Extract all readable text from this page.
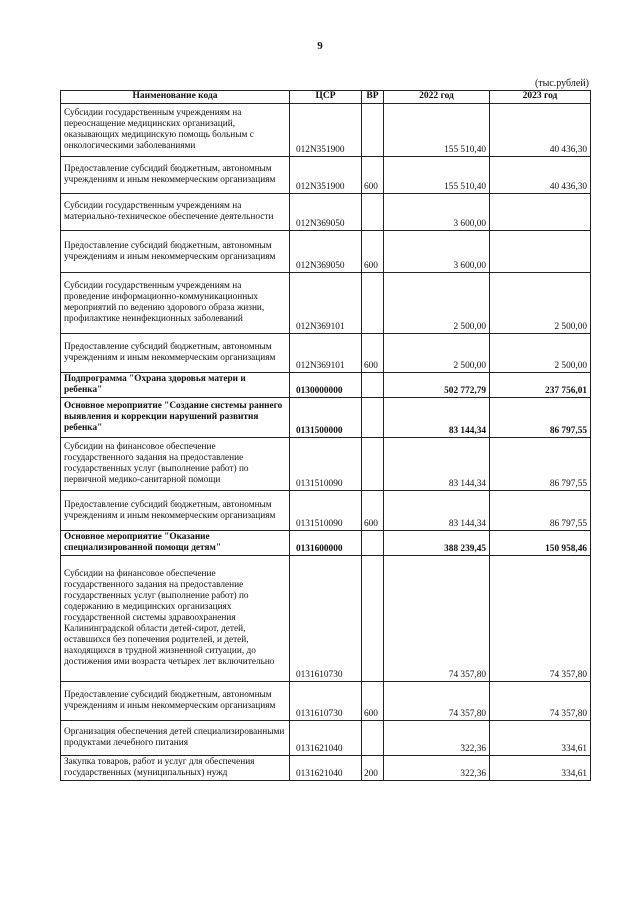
9
(тыс.рублей)
Наименование кода	ЦСР	ВР	2022 год	2023 год
Субсидии государственным учреждениям на переоснащение медицинских организаций, оказывающих медицинскую помощь больным с онкологическими заболеваниями	012N351900		155 510,40	40 436,30
Предоставление субсидий бюджетным, автономным учреждениям и иным некоммерческим организациям	012N351900	600	155 510,40	40 436,30
Субсидии государственным учреждениям на материально-техническое обеспечение деятельности	012N369050		3 600,00	
Предоставление субсидий бюджетным, автономным учреждениям и иным некоммерческим организациям	012N369050	600	3 600,00	
Субсидии государственным учреждениям на проведение информационно-коммуникационных мероприятий по ведению здорового образа жизни, профилактике неинфекционных заболеваний	012N369101		2 500,00	2 500,00
Предоставление субсидий бюджетным, автономным учреждениям и иным некоммерческим организациям	012N369101	600	2 500,00	2 500,00
Подпрограмма "Охрана здоровья матери и ребенка"	0130000000		502 772,79	237 756,01
Основное мероприятие "Создание системы раннего выявления и коррекции нарушений развития ребенка"	0131500000		83 144,34	86 797,55
Субсидии на финансовое обеспечение государственного задания на предоставление государственных услуг (выполнение работ) по первичной медико-санитарной помощи	0131510090		83 144,34	86 797,55
Предоставление субсидий бюджетным, автономным учреждениям и иным некоммерческим организациям	0131510090	600	83 144,34	86 797,55
Основное мероприятие "Оказание специализированной помощи детям"	0131600000		388 239,45	150 958,46
Субсидии на финансовое обеспечение государственного задания на предоставление государственных услуг (выполнение работ) по содержанию в медицинских организациях государственной системы здравоохранения Калининградской области детей-сирот, детей, оставшихся без попечения родителей, и детей, находящихся в трудной жизненной ситуации, до достижения ими возраста четырех лет включительно	0131610730		74 357,80	74 357,80
Предоставление субсидий бюджетным, автономным учреждениям и иным некоммерческим организациям	0131610730	600	74 357,80	74 357,80
Организация обеспечения детей специализированными продуктами лечебного питания	0131621040		322,36	334,61
Закупка товаров, работ и услуг для обеспечения государственных (муниципальных) нужд	0131621040	200	322,36	334,61
